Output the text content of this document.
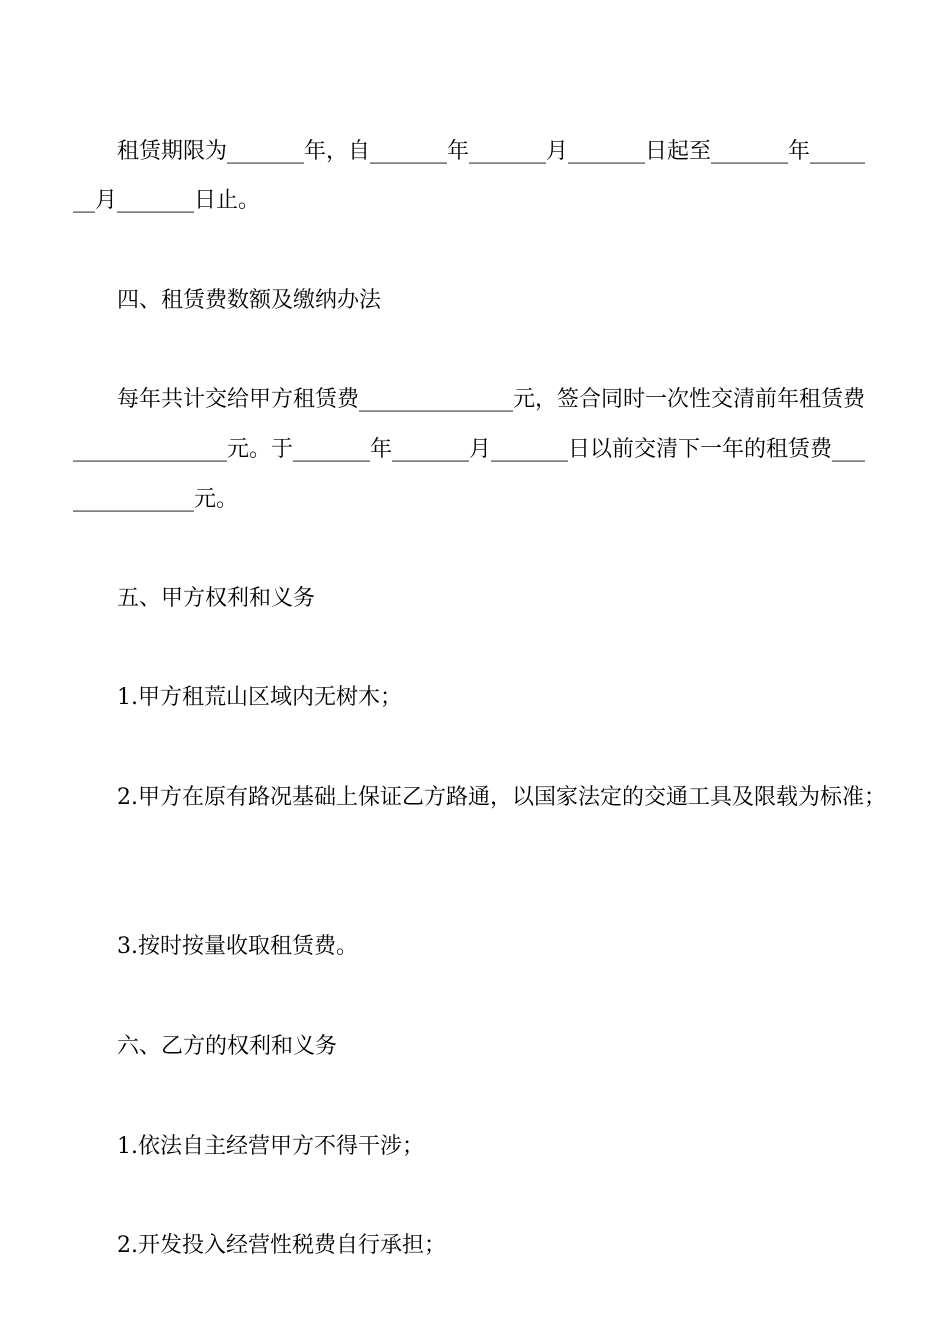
租赁期限为_______年，自_______年_______月_______日起至_______年_____
__月_______日止。
四、租赁费数额及缴纳办法
每年共计交给甲方租赁费______________元，签合同时一次性交清前年租赁费
______________元。于_______年_______月_______日以前交清下一年的租赁费___
___________元。
五、甲方权利和义务
1.甲方租荒山区域内无树木；
2.甲方在原有路况基础上保证乙方路通，以国家法定的交通工具及限载为标准；
3.按时按量收取租赁费。
六、乙方的权利和义务
1.依法自主经营甲方不得干涉；
2.开发投入经营性税费自行承担；
